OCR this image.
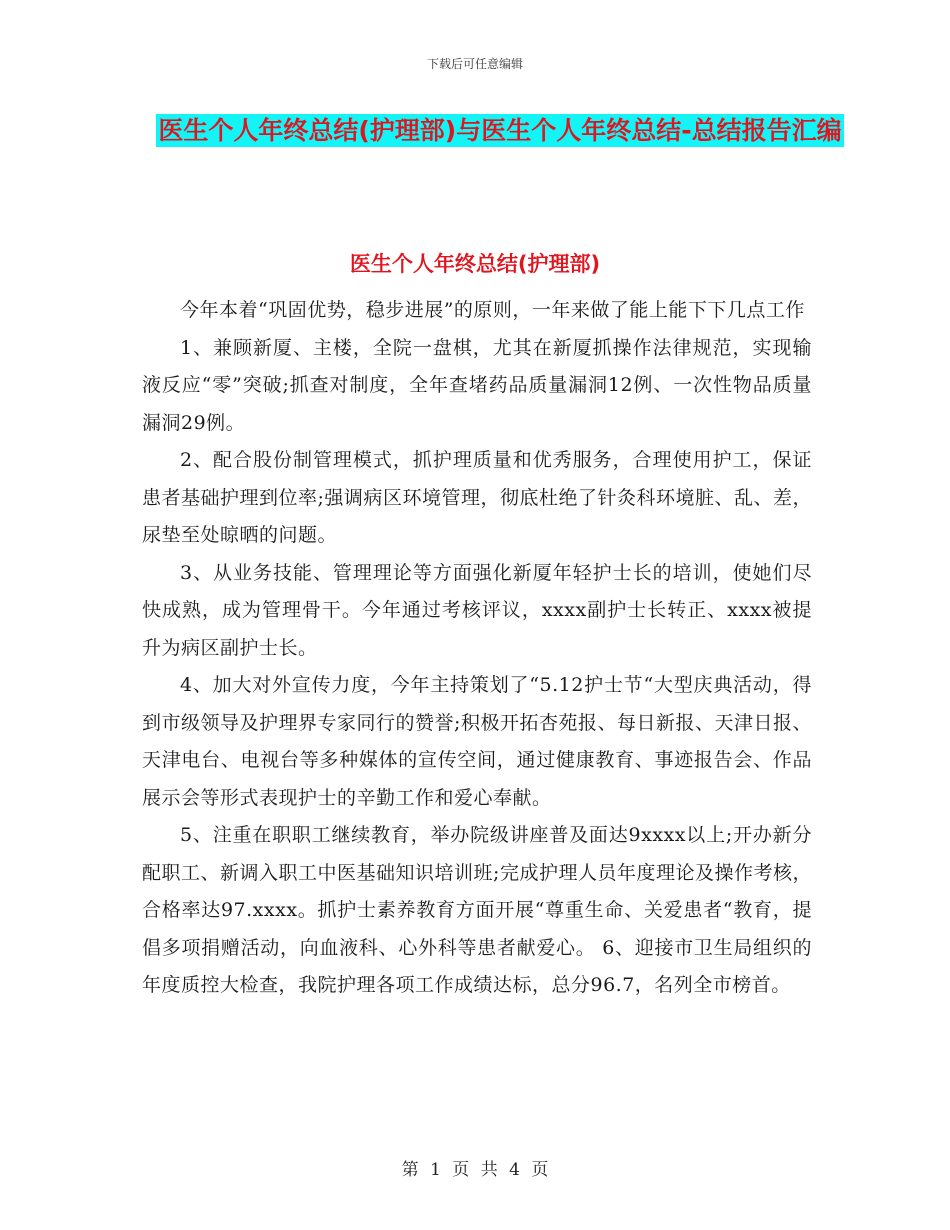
下载后可任意编辑
医生个人年终总结(护理部)与医生个人年终总结-总结报告汇编
医生个人年终总结(护理部)

今年本着“巩固优势，稳步进展”的原则，一年来做了能上能下下几点工作

1、兼顾新厦、主楼，全院一盘棋，尤其在新厦抓操作法律规范，实现输液反应“零”突破;抓查对制度，全年查堵药品质量漏洞12例、一次性物品质量漏洞29例。

2、配合股份制管理模式，抓护理质量和优秀服务，合理使用护工，保证患者基础护理到位率;强调病区环境管理，彻底杜绝了针灸科环境脏、乱、差，尿垫至处晾晒的问题。

3、从业务技能、管理理论等方面强化新厦年轻护士长的培训，使她们尽快成熟，成为管理骨干。今年通过考核评议，xxxx副护士长转正、xxxx被提升为病区副护士长。

4、加大对外宣传力度，今年主持策划了“5.12护士节“大型庆典活动，得到市级领导及护理界专家同行的赞誉;积极开拓杏苑报、每日新报、天津日报、天津电台、电视台等多种媒体的宣传空间，通过健康教育、事迹报告会、作品展示会等形式表现护士的辛勤工作和爱心奉献。

5、注重在职职工继续教育，举办院级讲座普及面达9xxxx以上;开办新分配职工、新调入职工中医基础知识培训班;完成护理人员年度理论及操作考核，合格率达97.xxxx。抓护士素养教育方面开展“尊重生命、关爱患者“教育，提倡多项捐赠活动，向血液科、心外科等患者献爱心。 6、迎接市卫生局组织的年度质控大检查，我院护理各项工作成绩达标，总分96.7，名列全市榜首。

第 1 页 共 4 页
